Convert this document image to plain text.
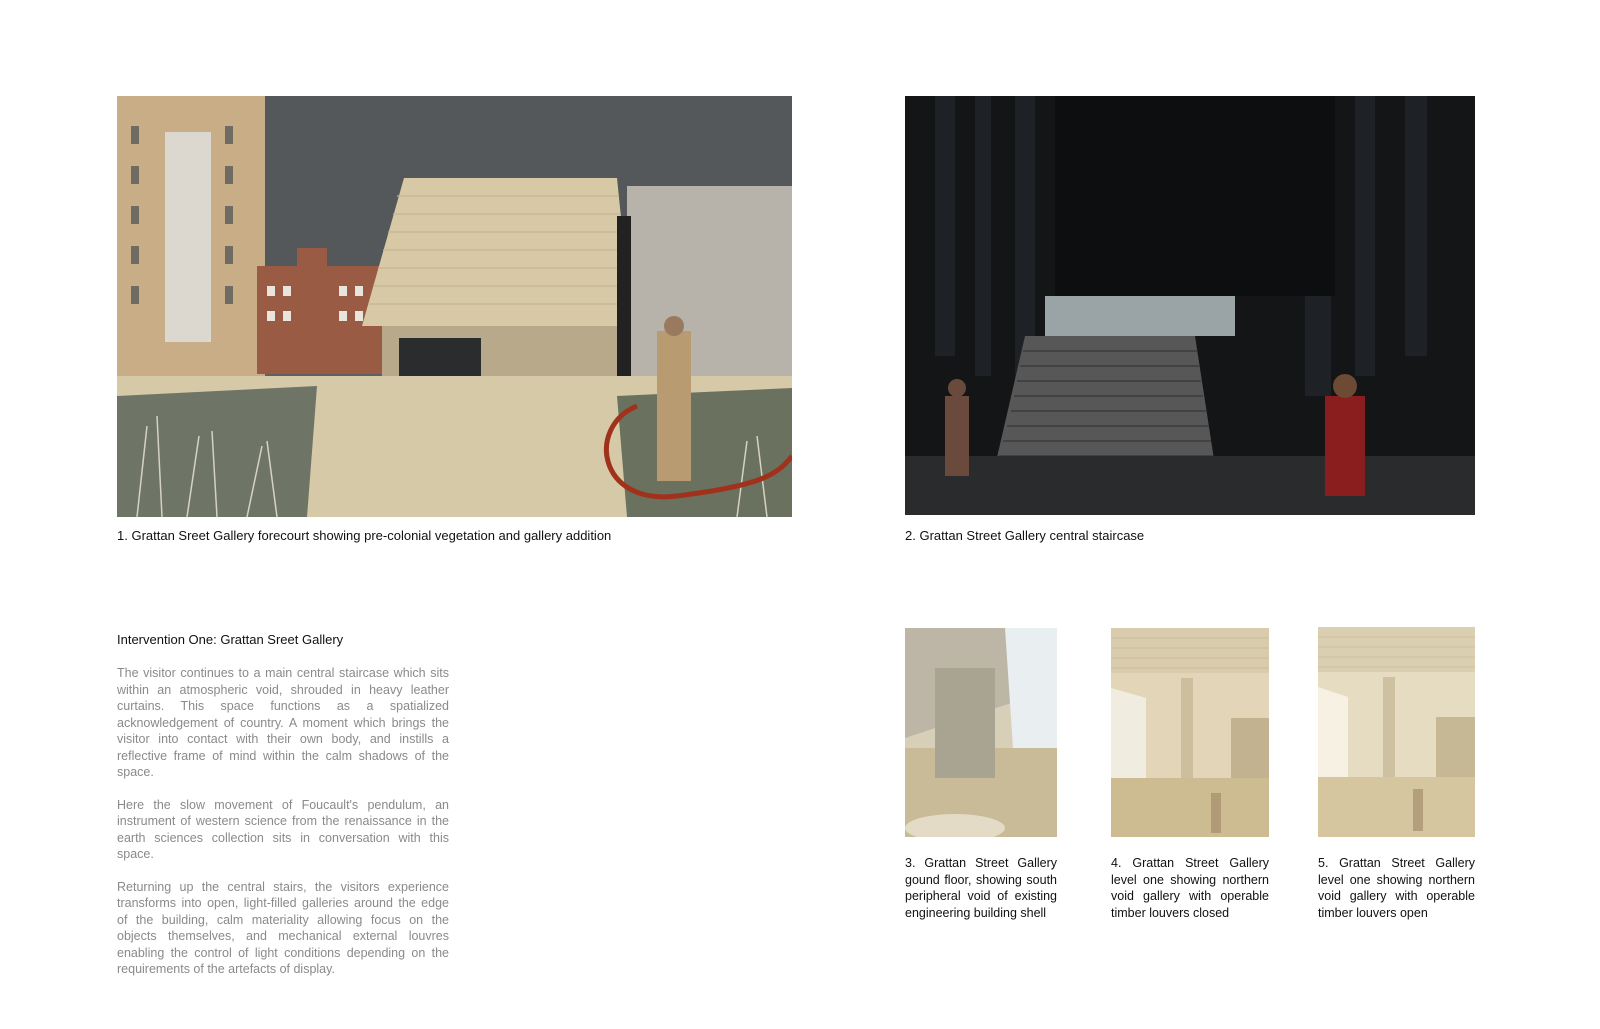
1. Grattan Sreet Gallery forecourt showing pre-colonial vegetation and gallery addition	2. Grattan Street Gallery central staircase
Intervention One: Grattan Sreet Gallery

The visitor continues to a main central staircase which sits within an atmospheric void, shrouded in heavy leather curtains. This space functions as a spatialized acknowledgement of country. A moment which brings the visitor into contact with their own body, and instills a reflective frame of mind within the calm shadows of the space.

Here the slow movement of Foucault's pendulum, an instrument of western science from the renaissance in the earth sciences collection sits in conversation with this space.

Returning up the central stairs, the visitors experience transforms into open, light-filled galleries around the edge of the building, calm materiality allowing focus on the objects themselves, and mechanical external louvres enabling the control of light conditions depending on the requirements of the artefacts of display.

3. Grattan Street Gallery gound floor, showing south peripheral void of existing engineering building shell
4. Grattan Street Gallery level one showing northern void gallery with operable timber louvers closed
5. Grattan Street Gallery level one showing northern void gallery with operable timber louvers open
